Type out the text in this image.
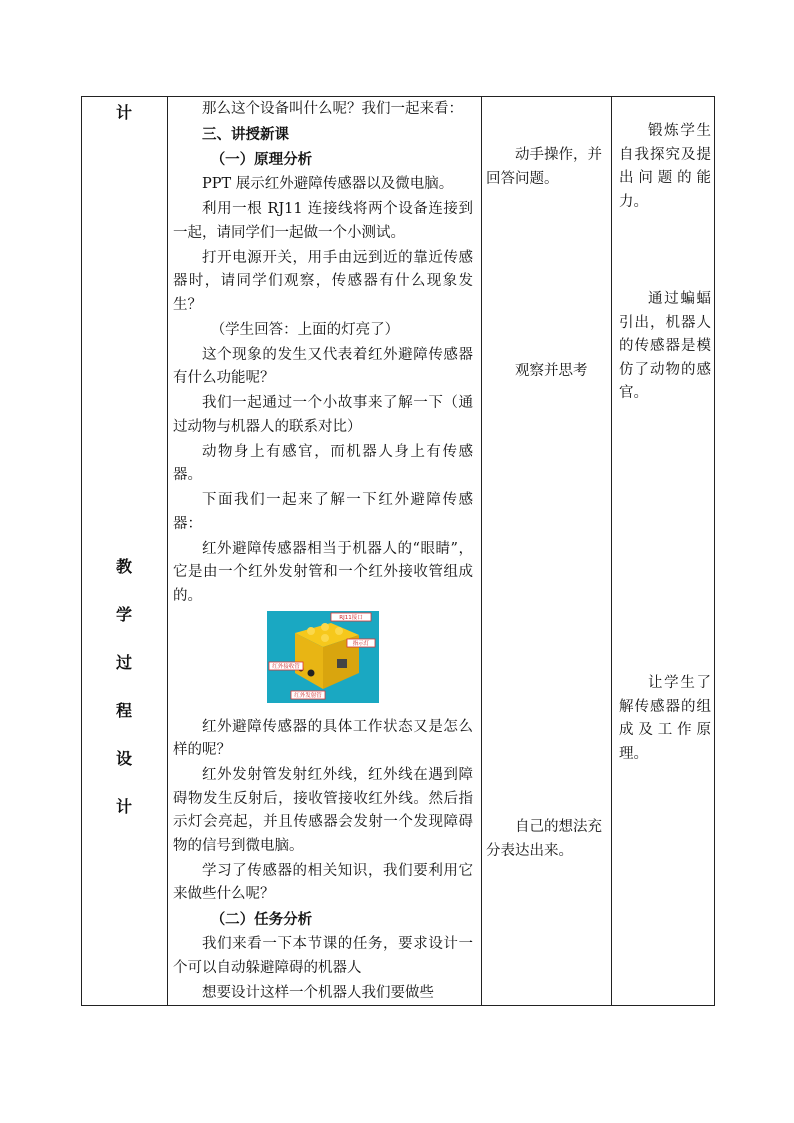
计
教
学
过
程
设
计
那么这个设备叫什么呢？我们一起来看：
三、讲授新课
（一）原理分析
PPT 展示红外避障传感器以及微电脑。
利用一根 RJ11 连接线将两个设备连接到一起，请同学们一起做一个小测试。
打开电源开关，用手由远到近的靠近传感器时，请同学们观察，传感器有什么现象发生？
（学生回答：上面的灯亮了）
这个现象的发生又代表着红外避障传感器有什么功能呢？
我们一起通过一个小故事来了解一下（通过动物与机器人的联系对比）
动物身上有感官，而机器人身上有传感器。
下面我们一起来了解一下红外避障传感器：
红外避障传感器相当于机器人的“眼睛”，它是由一个红外发射管和一个红外接收管组成的。
RJ11接口
指示灯
红外接收管
红外发射管
红外避障传感器的具体工作状态又是怎么样的呢？
红外发射管发射红外线，红外线在遇到障碍物发生反射后，接收管接收红外线。然后指示灯会亮起，并且传感器会发射一个发现障碍物的信号到微电脑。
学习了传感器的相关知识，我们要利用它来做些什么呢？
（二）任务分析
我们来看一下本节课的任务，要求设计一个可以自动躲避障碍的机器人
想要设计这样一个机器人我们要做些
动手操作，并回答问题。
观察并思考
自己的想法充分表达出来。
锻炼学生自我探究及提出问题的能力。
通过蝙蝠引出，机器人的传感器是模仿了动物的感官。
让学生了解传感器的组成及工作原理。
